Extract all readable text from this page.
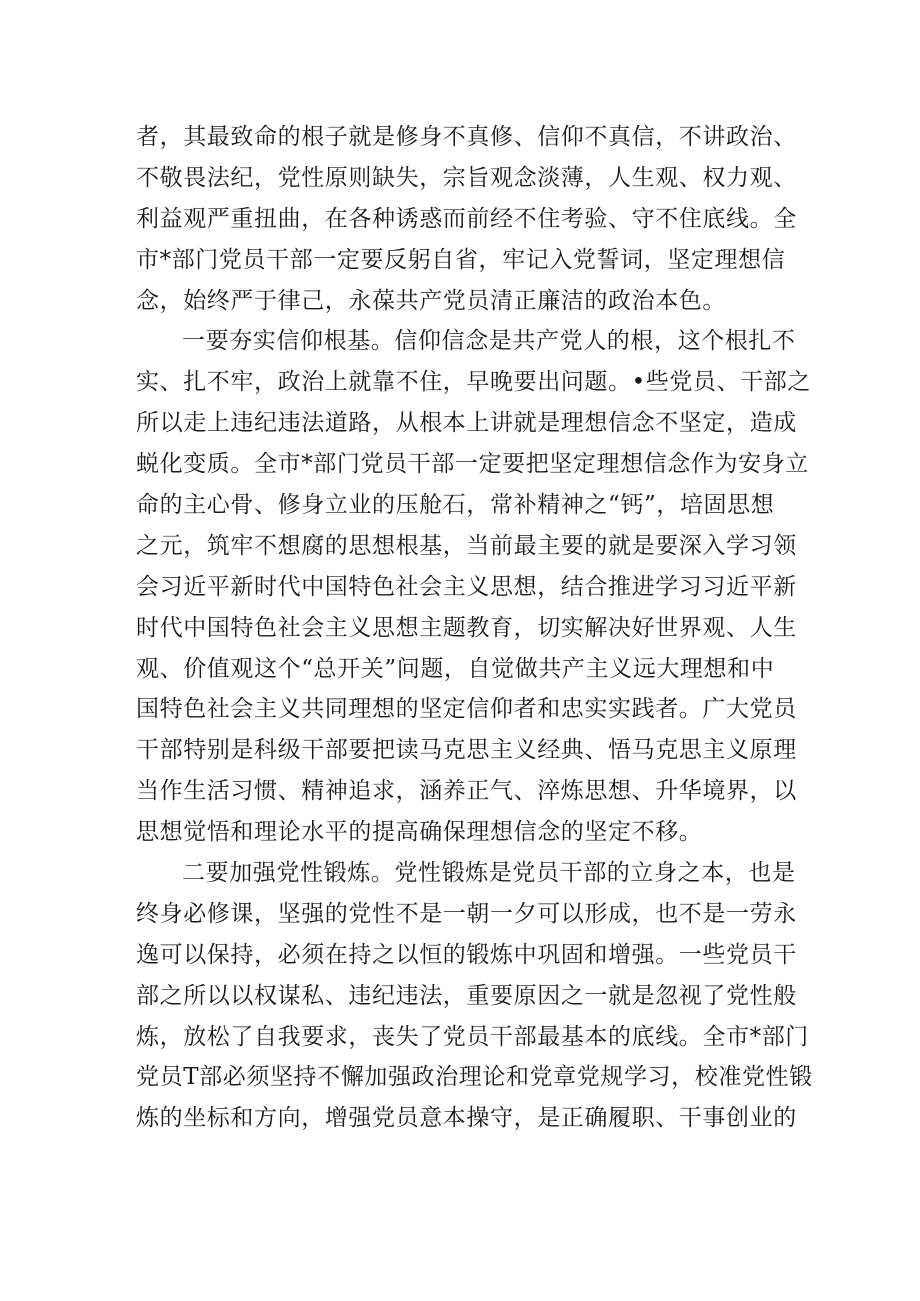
者，其最致命的根子就是修身不真修、信仰不真信，不讲政治、
不敬畏法纪，党性原则缺失，宗旨观念淡薄，人生观、权力观、
利益观严重扭曲，在各种诱惑而前经不住考验、守不住底线。全
市*部门党员干部一定要反躬自省，牢记入党誓词，坚定理想信
念，始终严于律己，永葆共产党员清正廉洁的政治本色。
一要夯实信仰根基。信仰信念是共产党人的根，这个根扎不
实、扎不牢，政治上就靠不住，早晚要出问题。•些党员、干部之
所以走上违纪违法道路，从根本上讲就是理想信念不坚定，造成
蜕化变质。全市*部门党员干部一定要把坚定理想信念作为安身立
命的主心骨、修身立业的压舱石，常补精神之“钙”，培固思想
之元，筑牢不想腐的思想根基，当前最主要的就是要深入学习领
会习近平新时代中国特色社会主义思想，结合推进学习习近平新
时代中国特色社会主义思想主题教育，切实解决好世界观、人生
观、价值观这个“总开关”问题，自觉做共产主义远大理想和中
国特色社会主义共同理想的坚定信仰者和忠实实践者。广大党员
干部特别是科级干部要把读马克思主义经典、悟马克思主义原理
当作生活习惯、精神追求，涵养正气、淬炼思想、升华境界，以
思想觉悟和理论水平的提高确保理想信念的坚定不移。
二要加强党性锻炼。党性锻炼是党员干部的立身之本，也是
终身必修课，坚强的党性不是一朝一夕可以形成，也不是一劳永
逸可以保持，必须在持之以恒的锻炼中巩固和增强。一些党员干
部之所以以权谋私、违纪违法，重要原因之一就是忽视了党性般
炼，放松了自我要求，丧失了党员干部最基本的底线。全市*部门
党员T部必须坚持不懈加强政治理论和党章党规学习，校准党性锻
炼的坐标和方向，增强党员意本操守，是正确履职、干事创业的
